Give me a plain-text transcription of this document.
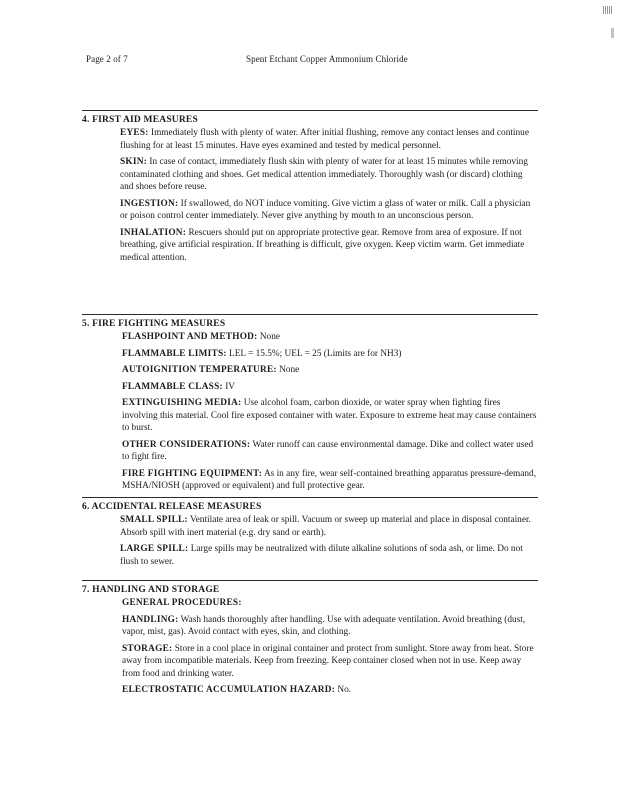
Page 2 of 7	Spent Etchant Copper Ammonium Chloride
4. FIRST AID MEASURES
EYES: Immediately flush with plenty of water. After initial flushing, remove any contact lenses and continue flushing for at least 15 minutes. Have eyes examined and tested by medical personnel.
SKIN: In case of contact, immediately flush skin with plenty of water for at least 15 minutes while removing contaminated clothing and shoes. Get medical attention immediately. Thoroughly wash (or discard) clothing and shoes before reuse.
INGESTION: If swallowed, do NOT induce vomiting. Give victim a glass of water or milk. Call a physician or poison control center immediately. Never give anything by mouth to an unconscious person.
INHALATION: Rescuers should put on appropriate protective gear. Remove from area of exposure. If not breathing, give artificial respiration. If breathing is difficult, give oxygen. Keep victim warm. Get immediate medical attention.
5. FIRE FIGHTING MEASURES
FLASHPOINT AND METHOD: None
FLAMMABLE LIMITS: LEL = 15.5%; UEL = 25 (Limits are for NH3)
AUTOIGNITION TEMPERATURE: None
FLAMMABLE CLASS: IV
EXTINGUISHING MEDIA: Use alcohol foam, carbon dioxide, or water spray when fighting fires involving this material. Cool fire exposed container with water. Exposure to extreme heat may cause containers to burst.
OTHER CONSIDERATIONS: Water runoff can cause environmental damage. Dike and collect water used to fight fire.
FIRE FIGHTING EQUIPMENT: As in any fire, wear self-contained breathing apparatus pressure-demand, MSHA/NIOSH (approved or equivalent) and full protective gear.
6. ACCIDENTAL RELEASE MEASURES
SMALL SPILL: Ventilate area of leak or spill. Vacuum or sweep up material and place in disposal container. Absorb spill with inert material (e.g. dry sand or earth).
LARGE SPILL: Large spills may be neutralized with dilute alkaline solutions of soda ash, or lime. Do not flush to sewer.
7. HANDLING AND STORAGE
GENERAL PROCEDURES:
HANDLING: Wash hands thoroughly after handling. Use with adequate ventilation. Avoid breathing (dust, vapor, mist, gas). Avoid contact with eyes, skin, and clothing.
STORAGE: Store in a cool place in original container and protect from sunlight. Store away from heat. Store away from incompatible materials. Keep from freezing. Keep container closed when not in use. Keep away from food and drinking water.
ELECTROSTATIC ACCUMULATION HAZARD: No.
